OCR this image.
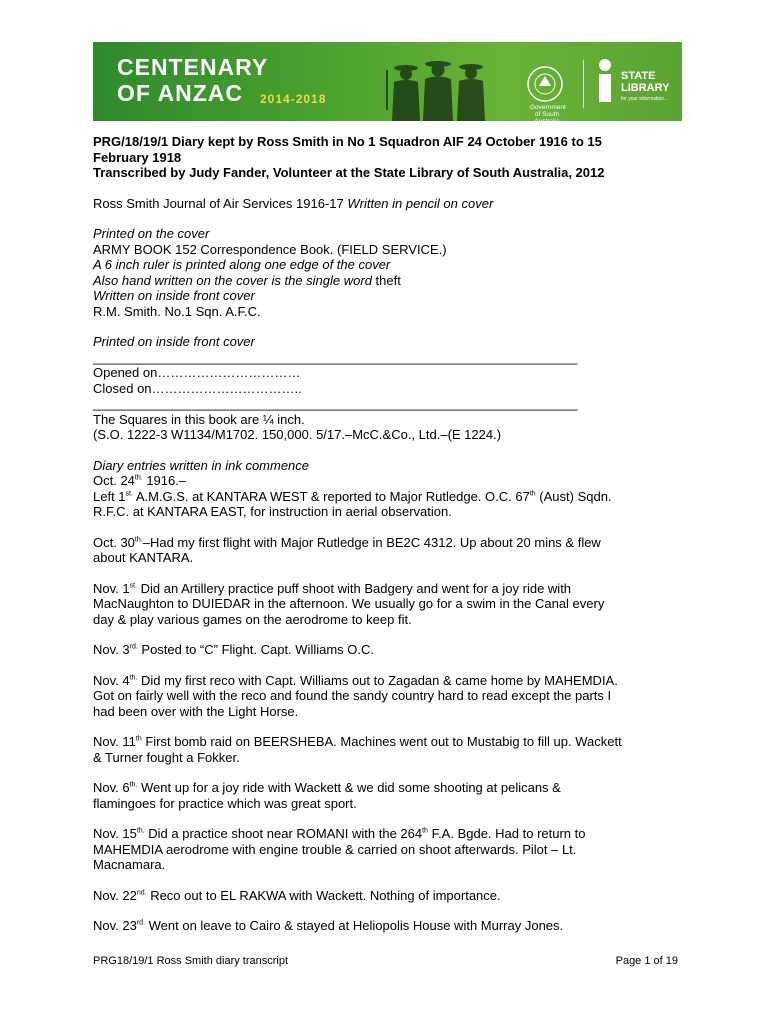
CENTENARY
OF ANZAC	2014-2018
Government
of South Australia
STATE
LIBRARY
for your information...
PRG/18/19/1 Diary kept by Ross Smith in No 1 Squadron AIF 24 October 1916 to 15
February 1918
Transcribed by Judy Fander, Volunteer at the State Library of South Australia, 2012
Ross Smith Journal of Air Services 1916-17 Written in pencil on cover
Printed on the cover
ARMY BOOK 152 Correspondence Book. (FIELD SERVICE.)
A 6 inch ruler is printed along one edge of the cover
Also hand written on the cover is the single word theft
Written on inside front cover
R.M. Smith. No.1 Sqn. A.F.C.
Printed on inside front cover
___________________________________________________________________
Opened on……………………………
Closed on……………………………..
___________________________________________________________________
The Squares in this book are ¼ inch.
(S.O. 1222-3 W1134/M1702. 150,000. 5/17.–McC.&Co., Ltd.–(E 1224.)
Diary entries written in ink commence
Oct. $24^{th.}$ 1916.–
Left $1^{st.}$ A.M.G.S. at KANTARA WEST & reported to Major Rutledge. O.C. 67th (Aust) Sqdn.
R.F.C. at KANTARA EAST, for instruction in aerial observation.
Oct. $30^{th.}$–Had my first flight with Major Rutledge in BE2C 4312. Up about 20 mins & flew
about KANTARA.
Nov. $1^{st.}$ Did an Artillery practice puff shoot with Badgery and went for a joy ride with
MacNaughton to DUIEDAR in the afternoon. We usually go for a swim in the Canal every
day & play various games on the aerodrome to keep fit.
Nov. $3^{rd.}$ Posted to “C” Flight. Capt. Williams O.C.
Nov. $4^{th.}$ Did my first reco with Capt. Williams out to Zagadan & came home by MAHEMDIA.
Got on fairly well with the reco and found the sandy country hard to read except the parts I
had been over with the Light Horse.
Nov. 11th First bomb raid on BEERSHEBA. Machines went out to Mustabig to fill up. Wackett
& Turner fought a Fokker.
Nov. $6^{th.}$ Went up for a joy ride with Wackett & we did some shooting at pelicans &
flamingoes for practice which was great sport.
Nov. $15^{th.}$ Did a practice shoot near ROMANI with the 264th F.A. Bgde. Had to return to
MAHEMDIA aerodrome with engine trouble & carried on shoot afterwards. Pilot – Lt.
Macnamara.
Nov. $22^{nd.}$ Reco out to EL RAKWA with Wackett. Nothing of importance.
Nov. $23^{rd.}$ Went on leave to Cairo & stayed at Heliopolis House with Murray Jones.
PRG18/19/1 Ross Smith diary transcript	Page 1 of 19
